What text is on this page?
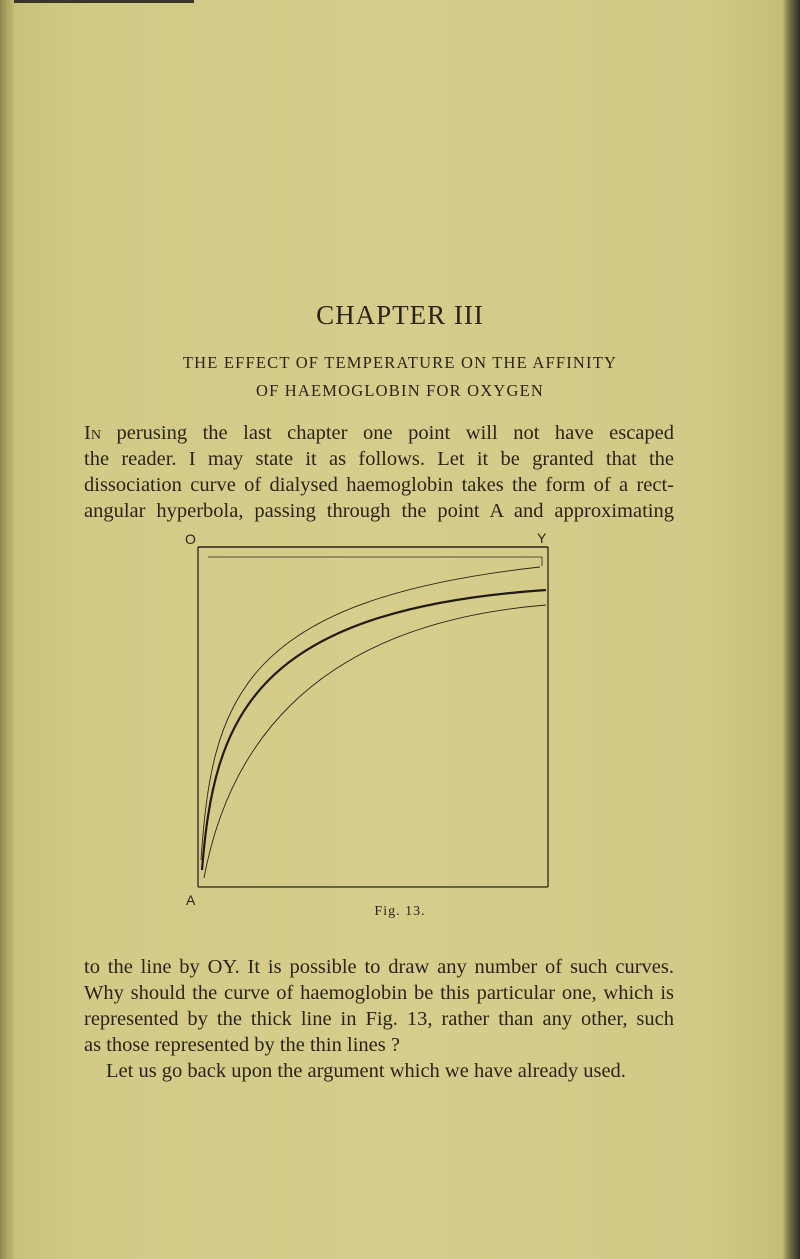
CHAPTER III
THE EFFECT OF TEMPERATURE ON THE AFFINITY
OF HAEMOGLOBIN FOR OXYGEN
In perusing the last chapter one point will not have escaped
the reader. I may state it as follows. Let it be granted that the
dissociation curve of dialysed haemoglobin takes the form of a rect-
angular hyperbola, passing through the point A and approximating
O	Y
A
Fig. 13.
to the line by OY. It is possible to draw any number of such curves.
Why should the curve of haemoglobin be this particular one, which is
represented by the thick line in Fig. 13, rather than any other, such
as those represented by the thin lines ?
Let us go back upon the argument which we have already used.
